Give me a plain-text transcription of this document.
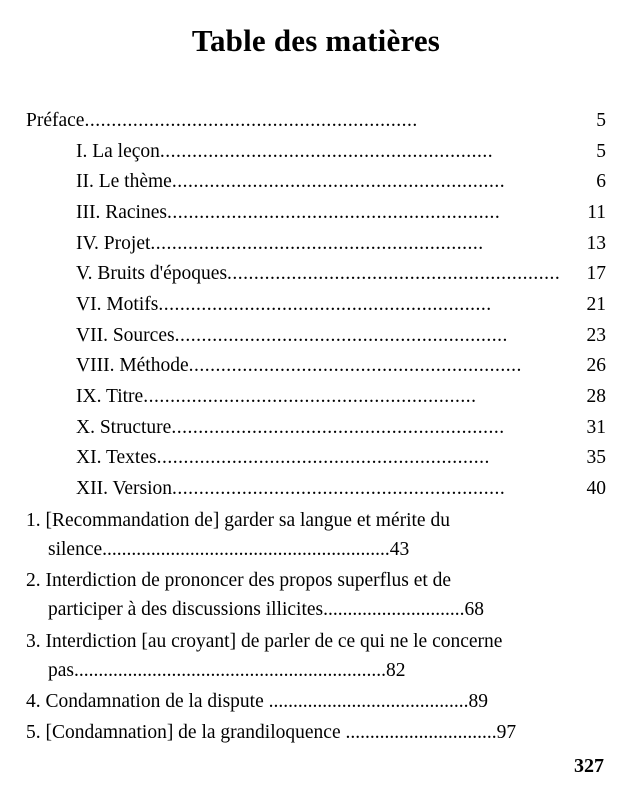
Table des matières
Préface ..............................................................	5
I. La leçon ..............................................................	5
II. Le thème ..............................................................	6
III. Racines ..............................................................	11
IV. Projet ..............................................................	13
V. Bruits d'époques ..............................................................	17
VI. Motifs ..............................................................	21
VII. Sources ..............................................................	23
VIII. Méthode ..............................................................	26
IX. Titre ..............................................................	28
X. Structure ..............................................................	31
XI. Textes ..............................................................	35
XII. Version ..............................................................	40
1. [Recommandation de] garder sa langue et mérite du
silence...........................................................43
2. Interdiction de prononcer des propos superflus et de
participer à des discussions illicites.............................68
3. Interdiction [au croyant] de parler de ce qui ne le concerne
pas................................................................82
4. Condamnation de la dispute .........................................89
5. [Condamnation] de la grandiloquence ...............................97
327
